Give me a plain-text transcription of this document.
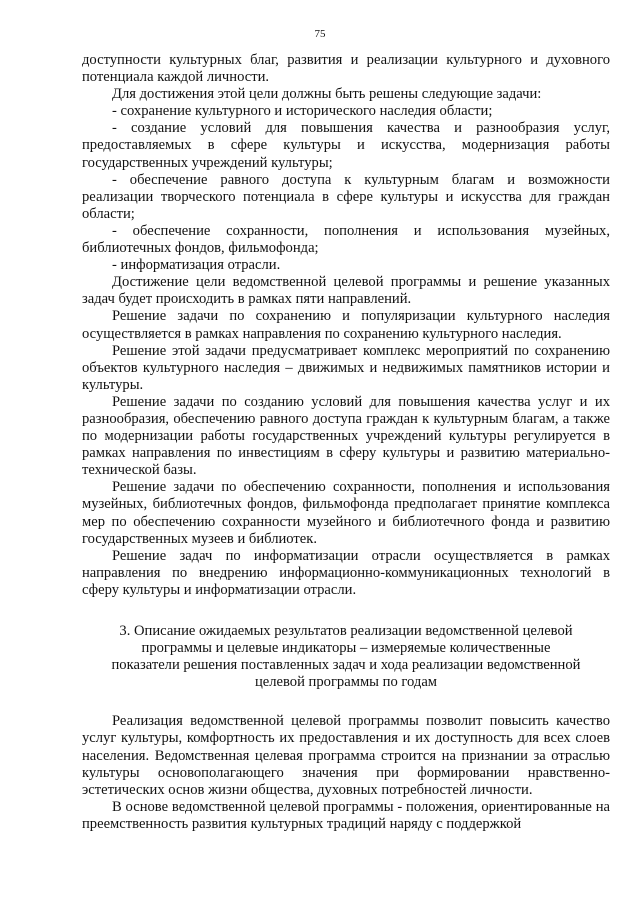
75

доступности культурных благ, развития и реализации культурного и духовного потенциала каждой личности.

Для достижения этой цели должны быть решены следующие задачи:

- сохранение культурного и исторического наследия области;

- создание условий для повышения качества и разнообразия услуг, предоставляемых в сфере культуры и искусства, модернизация работы государственных учреждений культуры;

- обеспечение равного доступа к культурным благам и возможности реализации творческого потенциала в сфере культуры и искусства для граждан области;

- обеспечение сохранности, пополнения и использования музейных, библиотечных фондов, фильмофонда;

- информатизация отрасли.

Достижение цели ведомственной целевой программы и решение указанных задач будет происходить в рамках пяти направлений.

Решение задачи по сохранению и популяризации культурного наследия осуществляется в рамках направления по сохранению культурного наследия.

Решение этой задачи предусматривает комплекс мероприятий по сохранению объектов культурного наследия – движимых и недвижимых памятников истории и культуры.

Решение задачи по созданию условий для повышения качества услуг и их разнообразия, обеспечению равного доступа граждан к культурным благам, а также по модернизации работы государственных учреждений культуры регулируется в рамках направления по инвестициям в сферу культуры и развитию материально-технической базы.

Решение задачи по обеспечению сохранности, пополнения и использования музейных, библиотечных фондов, фильмофонда предполагает принятие комплекса мер по обеспечению сохранности музейного и библиотечного фонда и развитию государственных музеев и библиотек.

Решение задач по информатизации отрасли осуществляется в рамках направления по внедрению информационно-коммуникационных технологий в сферу культуры и информатизации отрасли.

3. Описание ожидаемых результатов реализации ведомственной целевой
программы и целевые индикаторы – измеряемые количественные
показатели решения поставленных задач и хода реализации ведомственной
целевой программы по годам

Реализация ведомственной целевой программы позволит повысить качество услуг культуры, комфортность их предоставления и их доступность для всех слоев населения. Ведомственная целевая программа строится на признании за отраслью культуры основополагающего значения при формировании нравственно-эстетических основ жизни общества, духовных потребностей личности.

В основе ведомственной целевой программы - положения, ориентированные на преемственность развития культурных традиций наряду с поддержкой
